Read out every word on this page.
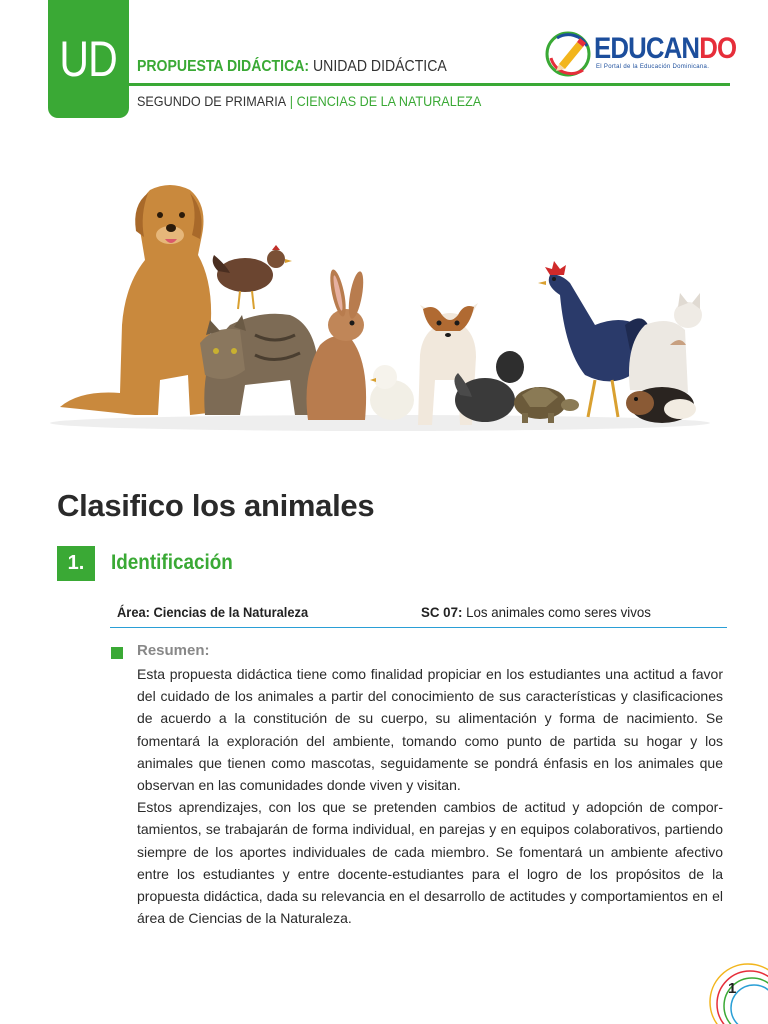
UD PROPUESTA DIDÁCTICA: UNIDAD DIDÁCTICA
SEGUNDO DE PRIMARIA | CIENCIAS DE LA NATURALEZA
EDUCANDO
El Portal de la Educación Dominicana.
Clasifico los animales
1.	Identificación
Área: Ciencias de la Naturaleza	SC 07: Los animales como seres vivos
Resumen:

Esta propuesta didáctica tiene como finalidad propiciar en los estudiantes una actitud a favor del cuidado de los animales a partir del conocimiento de sus características y clasificaciones de acuerdo a la constitución de su cuerpo, su alimentación y forma de nacimiento. Se fomentará la exploración del ambiente, tomando como punto de partida su hogar y los animales que tienen como mascotas, seguidamente se pondrá énfasis en los animales que observan en las comunidades donde viven y visitan.

Estos aprendizajes, con los que se pretenden cambios de actitud y adopción de comportamientos, se trabajarán de forma individual, en parejas y en equipos colaborativos, partiendo siempre de los aportes individuales de cada miembro. Se fomentará un ambiente afectivo entre los estudiantes y entre docente-estudiantes para el logro de los propósitos de la propuesta didáctica, dada su relevancia en el desarrollo de actitudes y comportamientos en el área de Ciencias de la Naturaleza.

1
